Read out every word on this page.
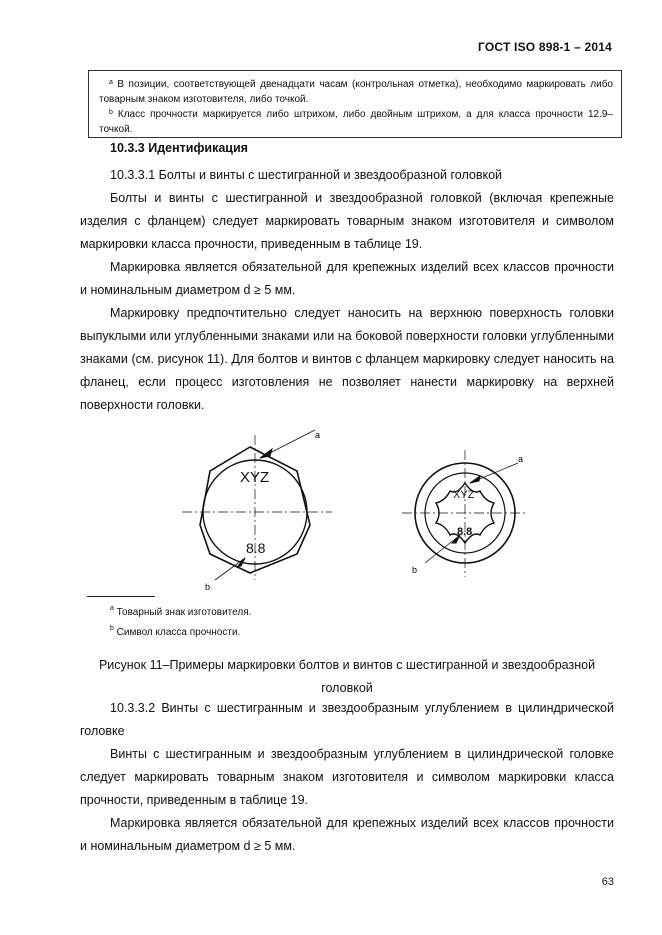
ГОСТ ISO 898-1 – 2014

$^a$ В позиции, соответствующей двенадцати часам (контрольная отметка), необходимо маркировать либо товарным знаком изготовителя, либо точкой.

$^b$ Класс прочности маркируется либо штрихом, либо двойным штрихом, а для класса прочности 12.9–точкой.

10.3.3 Идентификация

10.3.3.1 Болты и винты с шестигранной и звездообразной головкой

Болты и винты с шестигранной и звездообразной головкой (включая крепежные изделия с фланцем) следует маркировать товарным знаком изготовителя и символом маркировки класса прочности, приведенным в таблице 19.

Маркировка является обязательной для крепежных изделий всех классов прочности и номинальным диаметром d ≥ 5 мм.

Маркировку предпочтительно следует наносить на верхнюю поверхность головки выпуклыми или углубленными знаками или на боковой поверхности головки углубленными знаками (см. рисунок 11). Для болтов и винтов с фланцем маркировку следует наносить на фланец, если процесс изготовления не позволяет нанести маркировку на верхней поверхности головки.

XYZ
8.8
a
b
XYZ
8.8
a
b
$^a$ Товарный знак изготовителя.
$^b$ Символ класса прочности.
Рисунок 11–Примеры маркировки болтов и винтов с шестигранной и звездообразной головкой

10.3.3.2 Винты с шестигранным и звездообразным углублением в цилиндрической головке

Винты с шестигранным и звездообразным углублением в цилиндрической головке следует маркировать товарным знаком изготовителя и символом маркировки класса прочности, приведенным в таблице 19.

Маркировка является обязательной для крепежных изделий всех классов прочности и номинальным диаметром d ≥ 5 мм.

63
